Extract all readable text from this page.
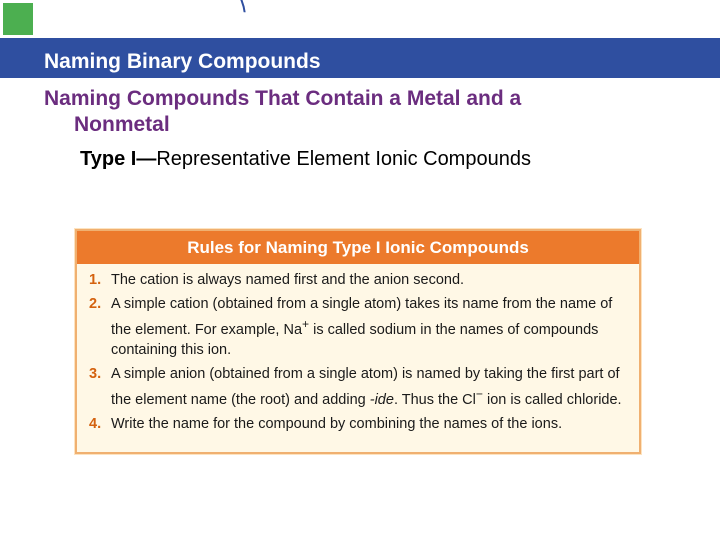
Naming Binary Compounds
Naming Compounds That Contain a Metal and a
Nonmetal
Type I—Representative Element Ionic Compounds
Rules for Naming Type I Ionic Compounds
1. The cation is always named first and the anion second.
2. A simple cation (obtained from a single atom) takes its name from the name of the element. For example, Na+ is called sodium in the names of compounds containing this ion.
3. A simple anion (obtained from a single atom) is named by taking the first part of the element name (the root) and adding -ide. Thus the Cl− ion is called chloride.
4. Write the name for the compound by combining the names of the ions.
